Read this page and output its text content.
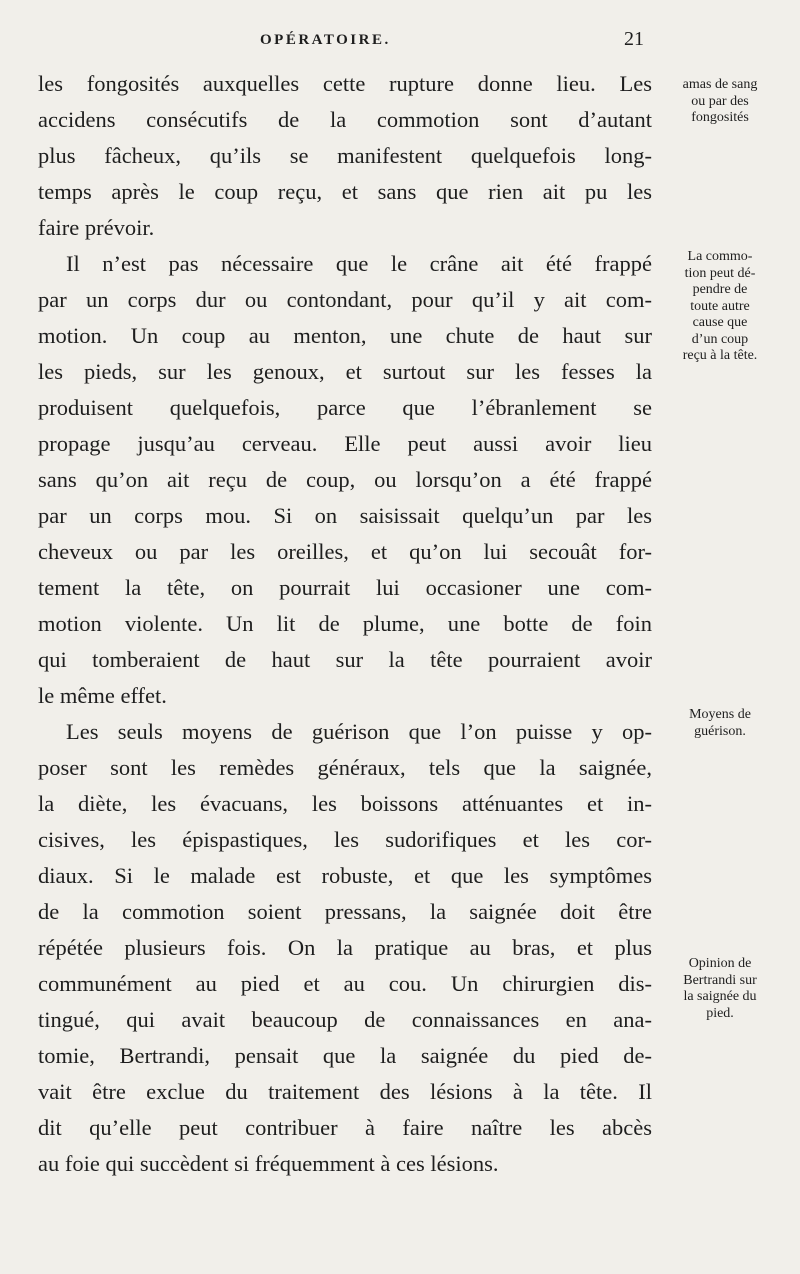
OPÉRATOIRE.	21
les fongosités auxquelles cette rupture donne lieu. Les
accidens consécutifs de la commotion sont d’autant
plus fâcheux, qu’ils se manifestent quelquefois long-
temps après le coup reçu, et sans que rien ait pu les
faire prévoir.
Il n’est pas nécessaire que le crâne ait été frappé
par un corps dur ou contondant, pour qu’il y ait com-
motion. Un coup au menton, une chute de haut sur
les pieds, sur les genoux, et surtout sur les fesses la
produisent quelquefois, parce que l’ébranlement se
propage jusqu’au cerveau. Elle peut aussi avoir lieu
sans qu’on ait reçu de coup, ou lorsqu’on a été frappé
par un corps mou. Si on saisissait quelqu’un par les
cheveux ou par les oreilles, et qu’on lui secouât for-
tement la tête, on pourrait lui occasioner une com-
motion violente. Un lit de plume, une botte de foin
qui tomberaient de haut sur la tête pourraient avoir
le même effet.
Les seuls moyens de guérison que l’on puisse y op-
poser sont les remèdes généraux, tels que la saignée,
la diète, les évacuans, les boissons atténuantes et in-
cisives, les épispastiques, les sudorifiques et les cor-
diaux. Si le malade est robuste, et que les symptômes
de la commotion soient pressans, la saignée doit être
répétée plusieurs fois. On la pratique au bras, et plus
communément au pied et au cou. Un chirurgien dis-
tingué, qui avait beaucoup de connaissances en ana-
tomie, Bertrandi, pensait que la saignée du pied de-
vait être exclue du traitement des lésions à la tête. Il
dit qu’elle peut contribuer à faire naître les abcès
au foie qui succèdent si fréquemment à ces lésions.
amas de sang
ou par des
fongosités
La commo-
tion peut dé-
pendre de
toute autre
cause que
d’un coup
reçu à la tête.
Moyens de
guérison.
Opinion de
Bertrandi sur
la saignée du
pied.
